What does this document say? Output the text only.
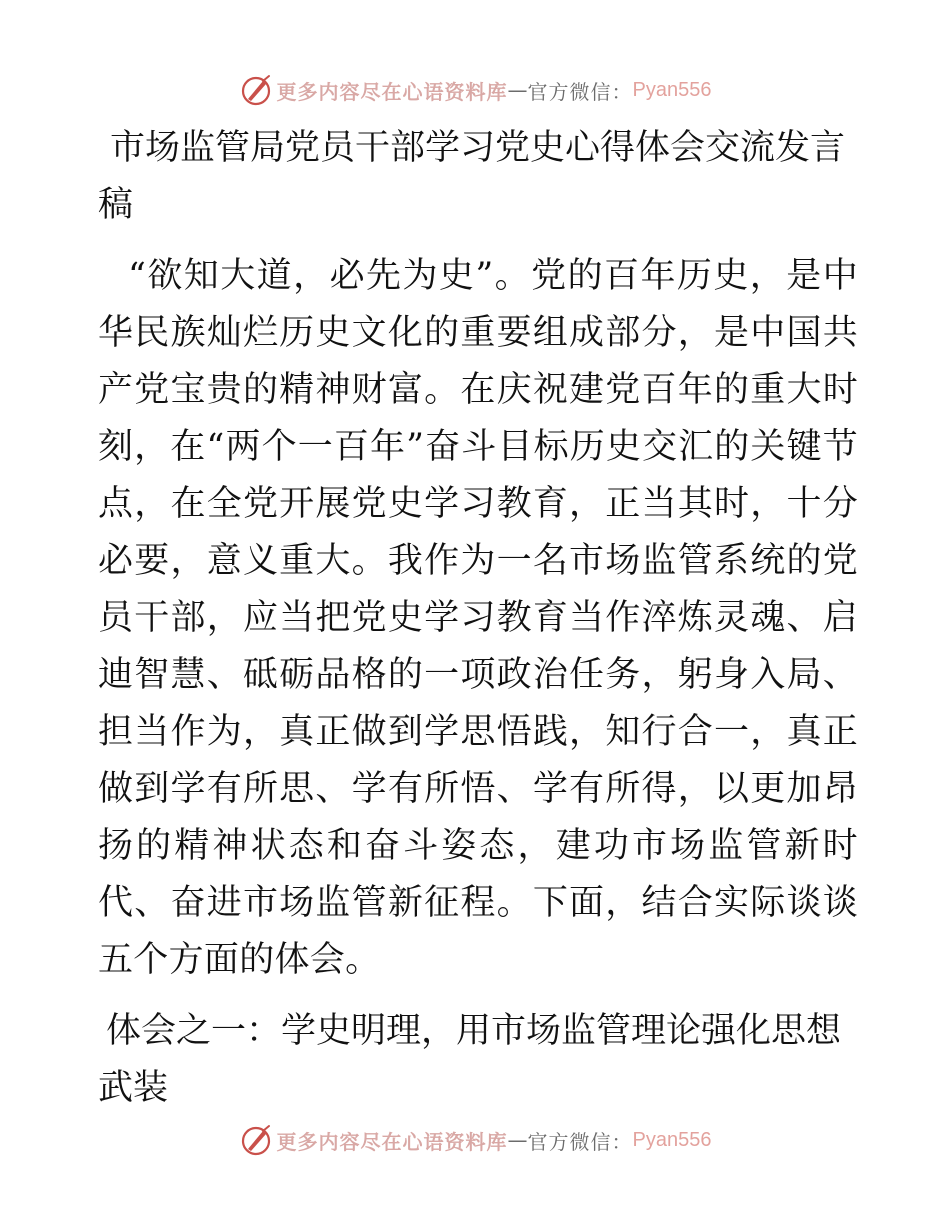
更多内容尽在心语资料库 — 官方微信： Pyan556
市场监管局党员干部学习党史心得体会交流发言稿

“欲知大道，必先为史”。党的百年历史，是中华民族灿烂历史文化的重要组成部分，是中国共产党宝贵的精神财富。在庆祝建党百年的重大时刻，在“两个一百年”奋斗目标历史交汇的关键节点，在全党开展党史学习教育，正当其时，十分必要，意义重大。我作为一名市场监管系统的党员干部，应当把党史学习教育当作淬炼灵魂、启迪智慧、砥砺品格的一项政治任务，躬身入局、担当作为，真正做到学思悟践，知行合一，真正做到学有所思、学有所悟、学有所得，以更加昂扬的精神状态和奋斗姿态，建功市场监管新时代、奋进市场监管新征程。下面，结合实际谈谈五个方面的体会。

体会之一：学史明理，用市场监管理论强化思想武装
更多内容尽在心语资料库 — 官方微信： Pyan556
